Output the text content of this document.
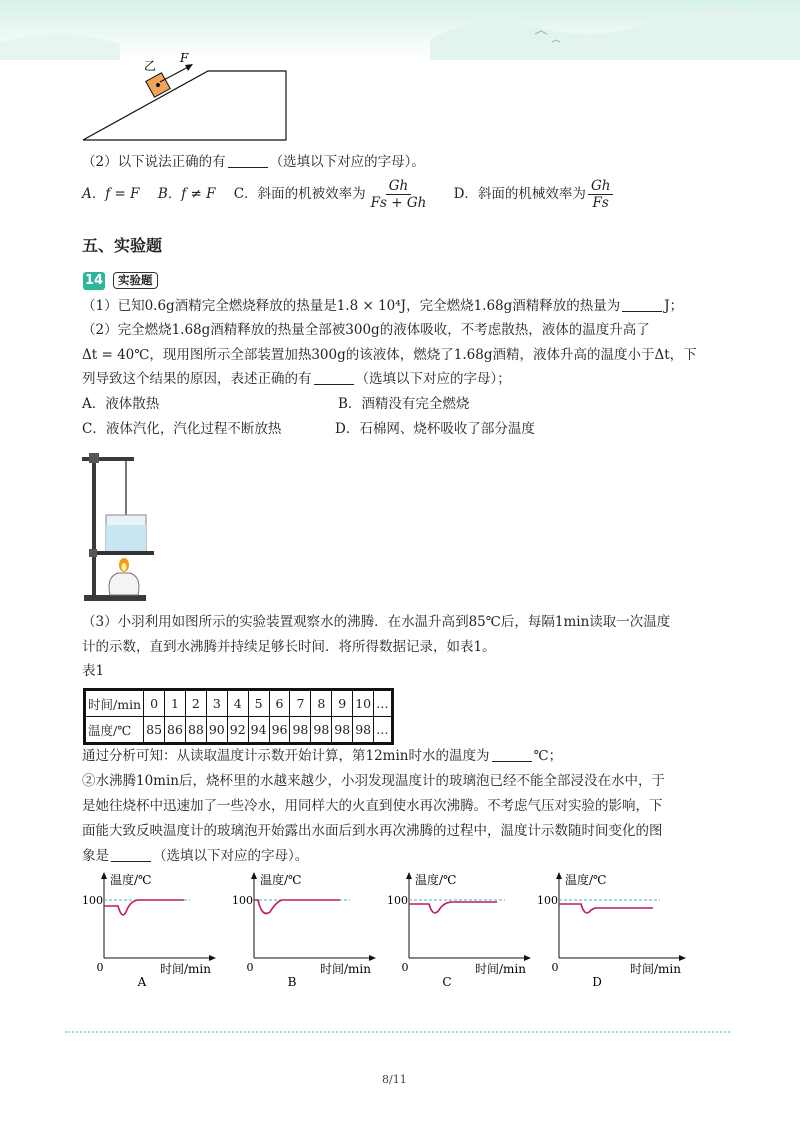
乙
F
（2）以下说法正确的有	（选填以下对应的字母）。
A．f = F B．f ≠ F C．斜面的机被效率为 $\frac{Gh}{Fs + Gh}$ D．斜面的机械效率为 $\frac{Gh}{Fs}$
五、实验题
14	实验题
（1）已知0.6g酒精完全燃烧释放的热量是1.8 × 10⁴J，完全燃烧1.68g酒精释放的热量为	J；
（2）完全燃烧1.68g酒精释放的热量全部被300g的液体吸收，不考虑散热，液体的温度升高了
Δt = 40℃，现用图所示全部装置加热300g的该液体，燃烧了1.68g酒精，液体升高的温度小于Δt，下
列导致这个结果的原因，表述正确的有	（选填以下对应的字母）；
A．液体散热	B．酒精没有完全燃烧
C．液体汽化，汽化过程不断放热	D．石棉网、烧杯吸收了部分温度
（3）小羽利用如图所示的实验装置观察水的沸腾．在水温升高到85℃后，每隔1min读取一次温度
计的示数，直到水沸腾并持续足够长时间．将所得数据记录，如表1。
表1
时间/min	0	1	2	3	4	5	6	7	8	9	10	…
温度/℃	85	86	88	90	92	94	96	98	98	98	98	…
通过分析可知：从读取温度计示数开始计算，第12min时水的温度为	℃；
②水沸腾10min后，烧杯里的水越来越少，小羽发现温度计的玻璃泡已经不能全部浸没在水中，于
是她往烧杯中迅速加了一些冷水，用同样大的火直到使水再次沸腾。不考虑气压对实验的影响，下
面能大致反映温度计的玻璃泡开始露出水面后到水再次沸腾的过程中，温度计示数随时间变化的图
象是	（选填以下对应的字母）。
温度/℃
100
0	时间/min
A
温度/℃
100
0	时间/min
B
温度/℃
100
0	时间/min
C
温度/℃
100
0	时间/min
D
8/11
